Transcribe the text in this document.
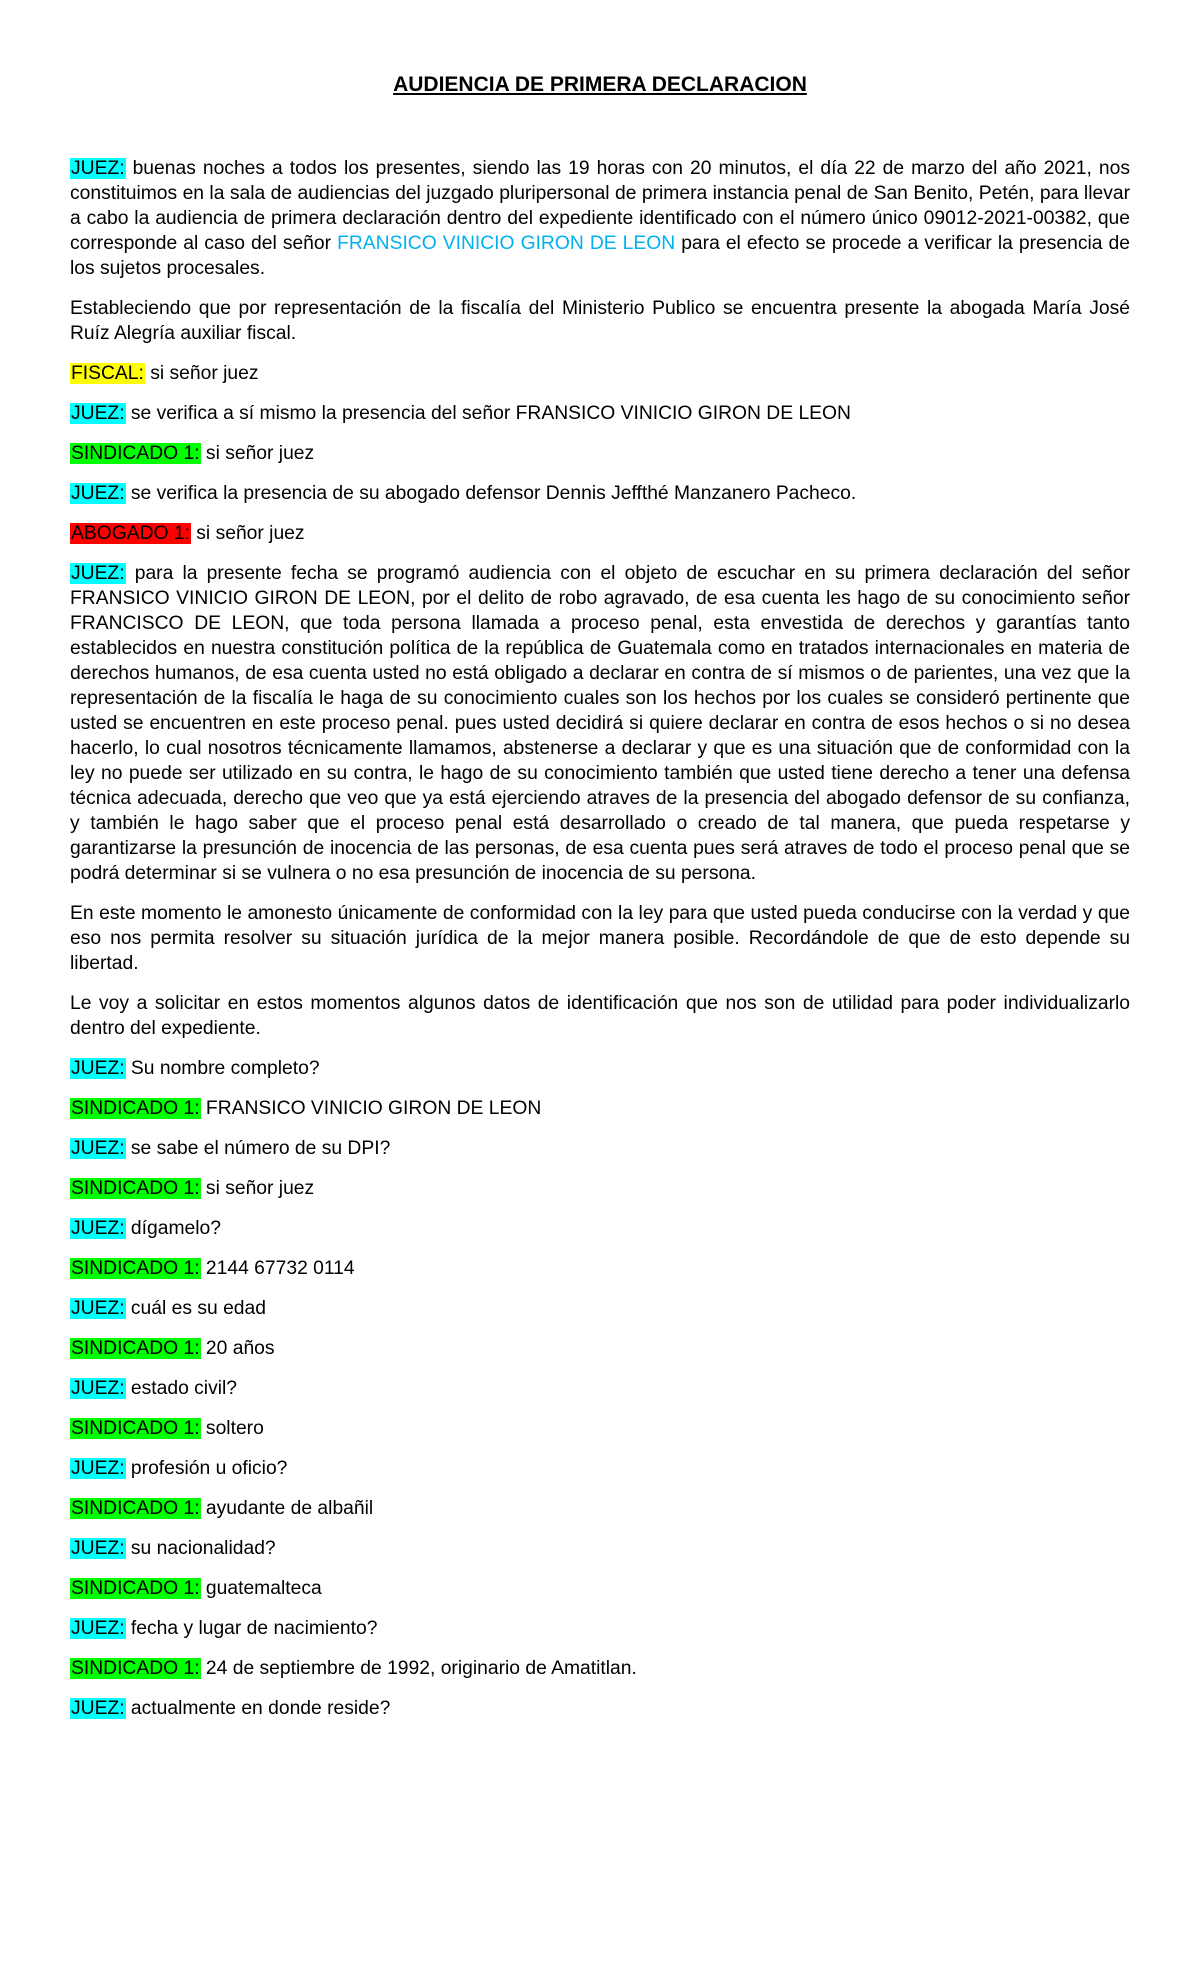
AUDIENCIA DE PRIMERA DECLARACION

JUEZ: buenas noches a todos los presentes, siendo las 19 horas con 20 minutos, el día 22 de marzo del año 2021, nos constituimos en la sala de audiencias del juzgado pluripersonal de primera instancia penal de San Benito, Petén, para llevar a cabo la audiencia de primera declaración dentro del expediente identificado con el número único 09012-2021-00382, que corresponde al caso del señor FRANSICO VINICIO GIRON DE LEON para el efecto se procede a verificar la presencia de los sujetos procesales.

Estableciendo que por representación de la fiscalía del Ministerio Publico se encuentra presente la abogada María José Ruíz Alegría auxiliar fiscal.

FISCAL: si señor juez

JUEZ: se verifica a sí mismo la presencia del señor FRANSICO VINICIO GIRON DE LEON

SINDICADO 1: si señor juez

JUEZ: se verifica la presencia de su abogado defensor Dennis Jeffthé Manzanero Pacheco.

ABOGADO 1: si señor juez

JUEZ: para la presente fecha se programó audiencia con el objeto de escuchar en su primera declaración del señor FRANSICO VINICIO GIRON DE LEON, por el delito de robo agravado, de esa cuenta les hago de su conocimiento señor FRANCISCO DE LEON, que toda persona llamada a proceso penal, esta envestida de derechos y garantías tanto establecidos en nuestra constitución política de la república de Guatemala como en tratados internacionales en materia de derechos humanos, de esa cuenta usted no está obligado a declarar en contra de sí mismos o de parientes, una vez que la representación de la fiscalía le haga de su conocimiento cuales son los hechos por los cuales se consideró pertinente que usted se encuentren en este proceso penal. pues usted decidirá si quiere declarar en contra de esos hechos o si no desea hacerlo, lo cual nosotros técnicamente llamamos, abstenerse a declarar y que es una situación que de conformidad con la ley no puede ser utilizado en su contra, le hago de su conocimiento también que usted tiene derecho a tener una defensa técnica adecuada, derecho que veo que ya está ejerciendo atraves de la presencia del abogado defensor de su confianza, y también le hago saber que el proceso penal está desarrollado o creado de tal manera, que pueda respetarse y garantizarse la presunción de inocencia de las personas, de esa cuenta pues será atraves de todo el proceso penal que se podrá determinar si se vulnera o no esa presunción de inocencia de su persona.

En este momento le amonesto únicamente de conformidad con la ley para que usted pueda conducirse con la verdad y que eso nos permita resolver su situación jurídica de la mejor manera posible. Recordándole de que de esto depende su libertad.

Le voy a solicitar en estos momentos algunos datos de identificación que nos son de utilidad para poder individualizarlo dentro del expediente.

JUEZ: Su nombre completo?

SINDICADO 1: FRANSICO VINICIO GIRON DE LEON

JUEZ: se sabe el número de su DPI?

SINDICADO 1: si señor juez

JUEZ: dígamelo?

SINDICADO 1: 2144 67732 0114

JUEZ: cuál es su edad

SINDICADO 1: 20 años

JUEZ: estado civil?

SINDICADO 1: soltero

JUEZ: profesión u oficio?

SINDICADO 1: ayudante de albañil

JUEZ: su nacionalidad?

SINDICADO 1: guatemalteca

JUEZ: fecha y lugar de nacimiento?

SINDICADO 1: 24 de septiembre de 1992, originario de Amatitlan.

JUEZ: actualmente en donde reside?
